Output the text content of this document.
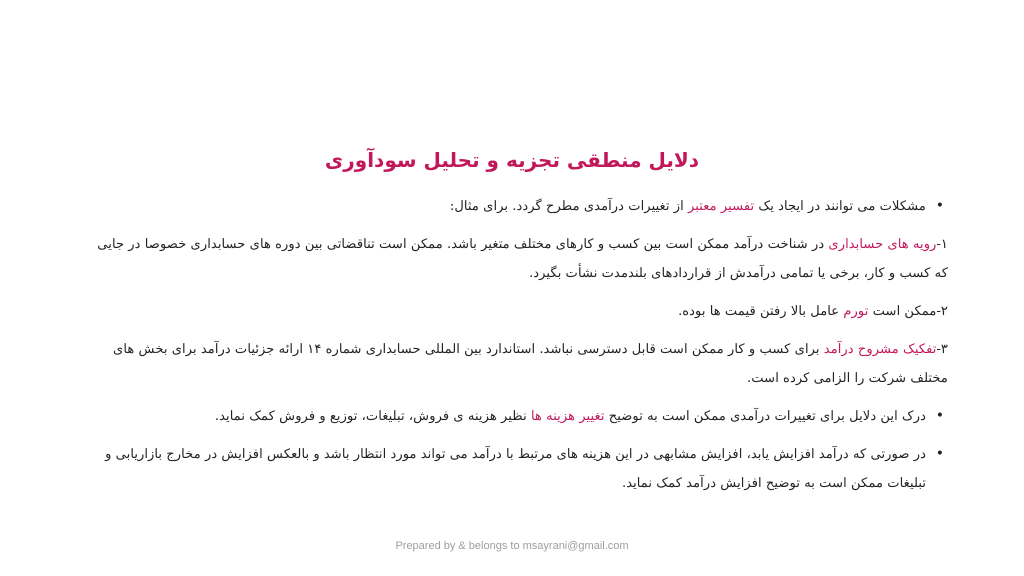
دلایل منطقی تجزیه و تحلیل سودآوری

•
مشکلات می توانند در ایجاد یک تفسیر معتبر از تغییرات درآمدی مطرح گردد. برای مثال:

۱-رویه های حسابداری در شناخت درآمد ممکن است بین کسب و کارهای مختلف متغیر باشد. ممکن است تناقضاتی بین دوره های حسابداری خصوصا در جایی که کسب و کار، برخی یا تمامی درآمدش از قراردادهای بلندمدت نشأت بگیرد.

۲-ممکن است تورم عامل بالا رفتن قیمت ها بوده.

۳-تفکیک مشروح درآمد برای کسب و کار ممکن است قابل دسترسی نباشد. استاندارد بین المللی حسابداری شماره ۱۴ ارائه جزئیات درآمد برای بخش های مختلف شرکت را الزامی کرده است.

•
درک این دلایل برای تغییرات درآمدی ممکن است به توضیح تغییر هزینه ها نظیر هزینه ی فروش، تبلیغات، توزیع و فروش کمک نماید.

•
در صورتی که درآمد افزایش یابد، افزایش مشابهی در این هزینه های مرتبط با درآمد می تواند مورد انتظار باشد و بالعکس افزایش در مخارج بازاریابی و تبلیغات ممکن است به توضیح افزایش درآمد کمک نماید.

Prepared by & belongs to msayrani@gmail.com
